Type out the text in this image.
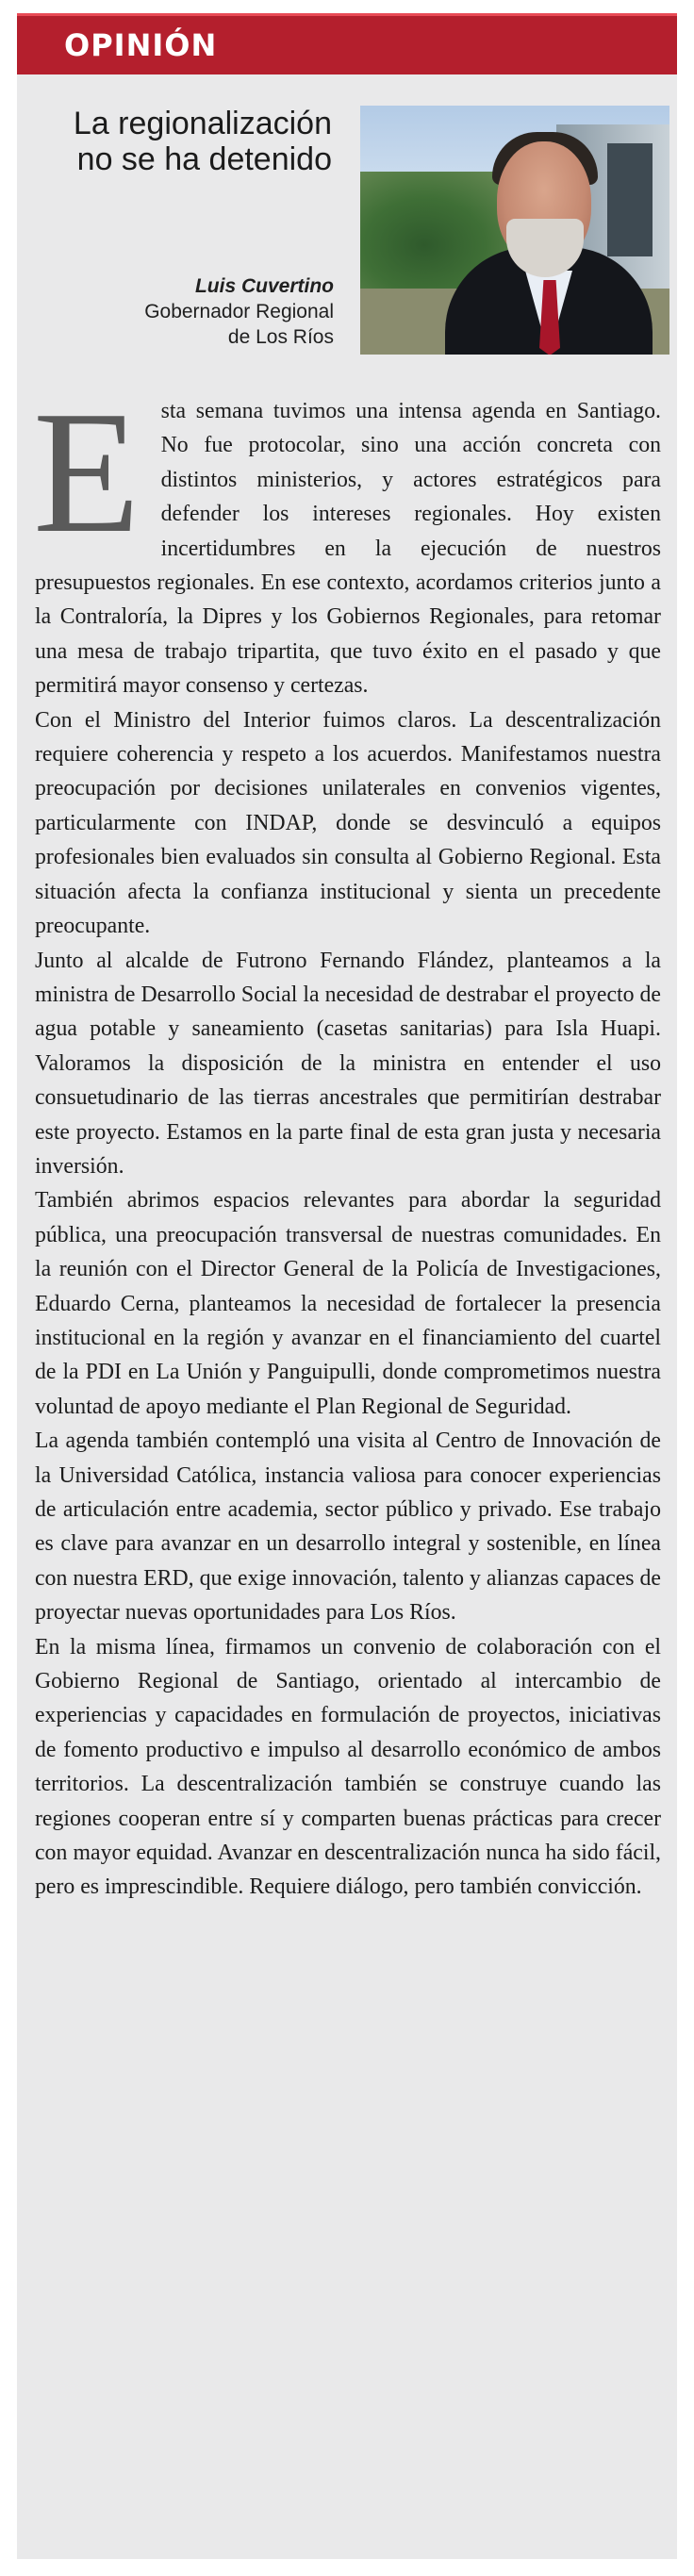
OPINIÓN
La regionalización
no se ha detenido
Luis Cuvertino
Gobernador Regional
de Los Ríos

Esta semana tuvimos una intensa agenda en Santiago. No fue protocolar, sino una acción concreta con distintos ministerios, y actores estratégicos para defender los intereses regionales. Hoy existen incertidumbres en la ejecución de nuestros presupuestos regionales. En ese contexto, acordamos criterios junto a la Contraloría, la Dipres y los Gobiernos Regionales, para retomar una mesa de trabajo tripartita, que tuvo éxito en el pasado y que permitirá mayor consenso y certezas.

Con el Ministro del Interior fuimos claros. La descentralización requiere coherencia y respeto a los acuerdos. Manifestamos nuestra preocupación por decisiones unilaterales en convenios vigentes, particularmente con INDAP, donde se desvinculó a equipos profesionales bien evaluados sin consulta al Gobierno Regional. Esta situación afecta la confianza institucional y sienta un precedente preocupante.

Junto al alcalde de Futrono Fernando Flández, planteamos a la ministra de Desarrollo Social la necesidad de destrabar el proyecto de agua potable y saneamiento (casetas sanitarias) para Isla Huapi. Valoramos la disposición de la ministra en entender el uso consuetudinario de las tierras ancestrales que permitirían destrabar este proyecto. Estamos en la parte final de esta gran justa y necesaria inversión.

También abrimos espacios relevantes para abordar la seguridad pública, una preocupación transversal de nuestras comunidades. En la reunión con el Director General de la Policía de Investigaciones, Eduardo Cerna, planteamos la necesidad de fortalecer la presencia institucional en la región y avanzar en el financiamiento del cuartel de la PDI en La Unión y Panguipulli, donde comprometimos nuestra voluntad de apoyo mediante el Plan Regional de Seguridad.

La agenda también contempló una visita al Centro de Innovación de la Universidad Católica, instancia valiosa para conocer experiencias de articulación entre academia, sector público y privado. Ese trabajo es clave para avanzar en un desarrollo integral y sostenible, en línea con nuestra ERD, que exige innovación, talento y alianzas capaces de proyectar nuevas oportunidades para Los Ríos.

En la misma línea, firmamos un convenio de colaboración con el Gobierno Regional de Santiago, orientado al intercambio de experiencias y capacidades en formulación de proyectos, iniciativas de fomento productivo e impulso al desarrollo económico de ambos territorios. La descentralización también se construye cuando las regiones cooperan entre sí y comparten buenas prácticas para crecer con mayor equidad. Avanzar en descentralización nunca ha sido fácil, pero es imprescindible. Requiere diálogo, pero también convicción.
